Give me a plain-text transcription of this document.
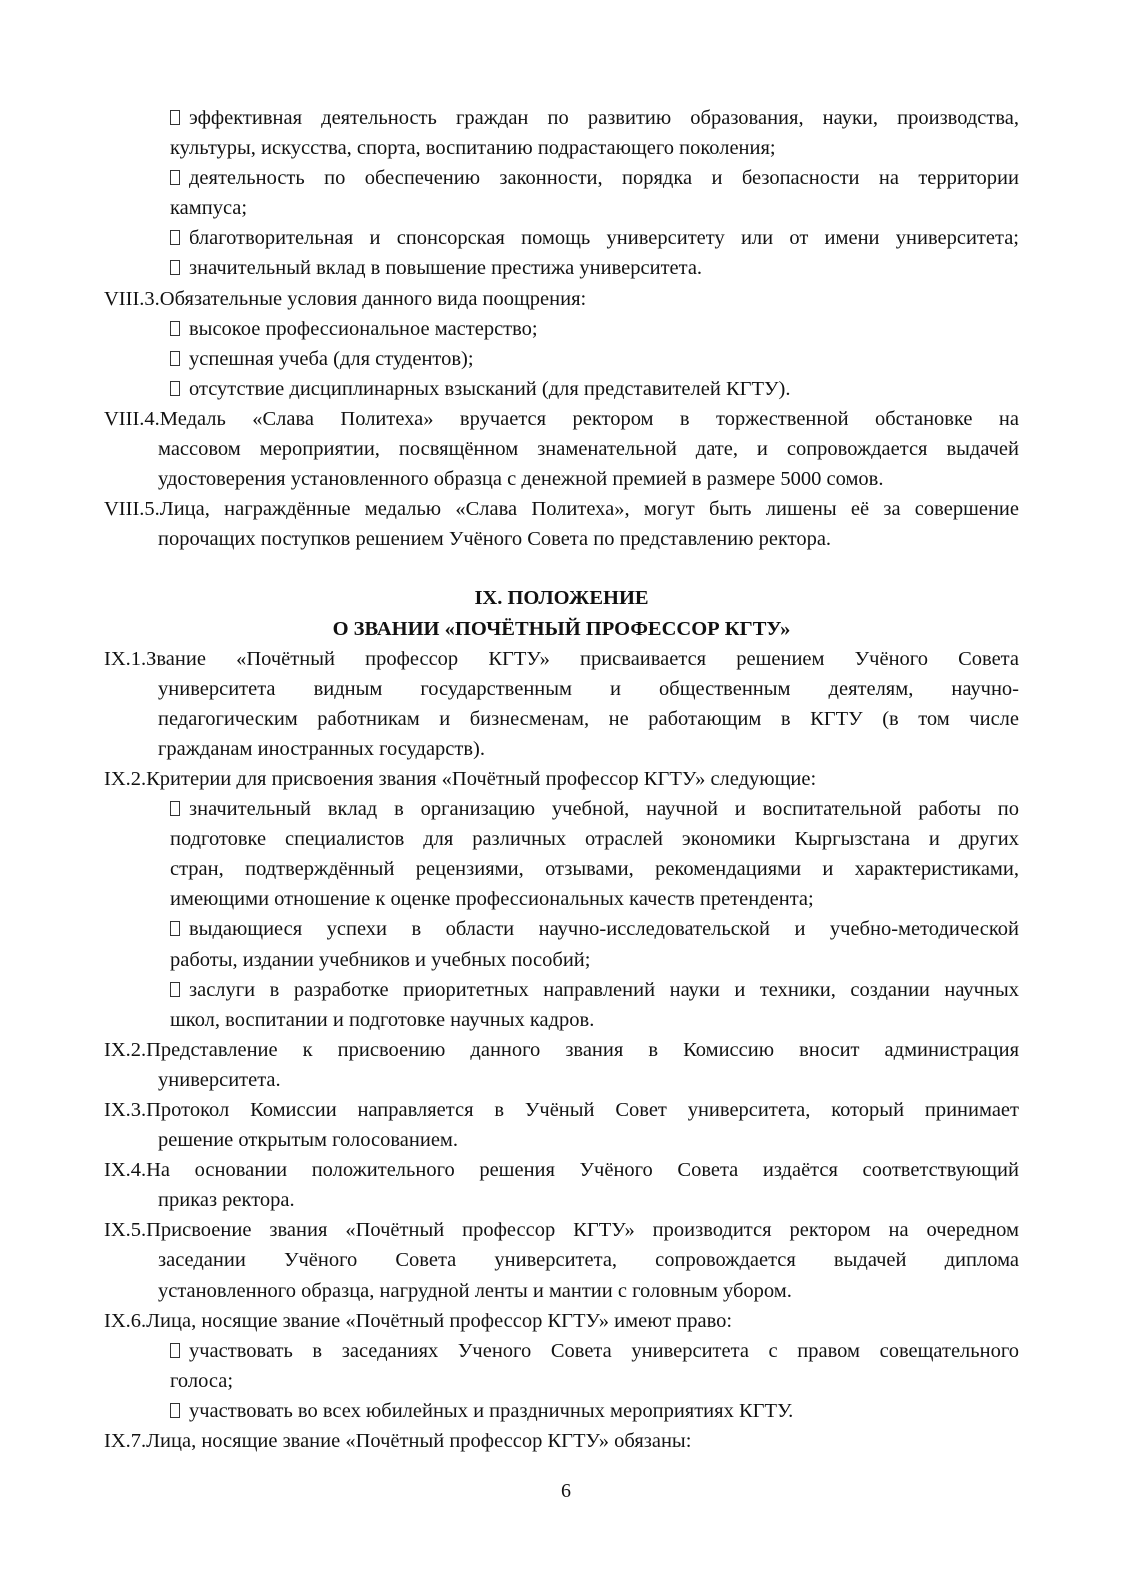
эффективная деятельность граждан по развитию образования, науки, производства,
культуры, искусства, спорта, воспитанию подрастающего поколения;
деятельность по обеспечению законности, порядка и безопасности на территории
кампуса;
благотворительная и спонсорская помощь университету или от имени университета;
значительный вклад в повышение престижа университета.
VIII.3.Обязательные условия данного вида поощрения:
высокое профессиональное мастерство;
успешная учеба (для студентов);
отсутствие дисциплинарных взысканий (для представителей КГТУ).
VIII.4.Медаль «Слава Политеха» вручается ректором в торжественной обстановке на
массовом мероприятии, посвящённом знаменательной дате, и сопровождается выдачей
удостоверения установленного образца с денежной премией в размере 5000 сомов.
VIII.5.Лица, награждённые медалью «Слава Политеха», могут быть лишены её за совершение
порочащих поступков решением Учёного Совета по представлению ректора.
IX. ПОЛОЖЕНИЕ
О ЗВАНИИ «ПОЧЁТНЫЙ ПРОФЕССОР КГТУ»
IX.1.Звание «Почётный профессор КГТУ» присваивается решением Учёного Совета
университета видным государственным и общественным деятелям, научно-
педагогическим работникам и бизнесменам, не работающим в КГТУ (в том числе
гражданам иностранных государств).
IX.2.Критерии для присвоения звания «Почётный профессор КГТУ» следующие:
значительный вклад в организацию учебной, научной и воспитательной работы по
подготовке специалистов для различных отраслей экономики Кыргызстана и других
стран, подтверждённый рецензиями, отзывами, рекомендациями и характеристиками,
имеющими отношение к оценке профессиональных качеств претендента;
выдающиеся успехи в области научно-исследовательской и учебно-методической
работы, издании учебников и учебных пособий;
заслуги в разработке приоритетных направлений науки и техники, создании научных
школ, воспитании и подготовке научных кадров.
IX.2.Представление к присвоению данного звания в Комиссию вносит администрация
университета.
IX.3.Протокол Комиссии направляется в Учёный Совет университета, который принимает
решение открытым голосованием.
IX.4.На основании положительного решения Учёного Совета издаётся соответствующий
приказ ректора.
IX.5.Присвоение звания «Почётный профессор КГТУ» производится ректором на очередном
заседании Учёного Совета университета, сопровождается выдачей диплома
установленного образца, нагрудной ленты и мантии с головным убором.
IX.6.Лица, носящие звание «Почётный профессор КГТУ» имеют право:
участвовать в заседаниях Ученого Совета университета с правом совещательного
голоса;
участвовать во всех юбилейных и праздничных мероприятиях КГТУ.
IX.7.Лица, носящие звание «Почётный профессор КГТУ» обязаны:
6
